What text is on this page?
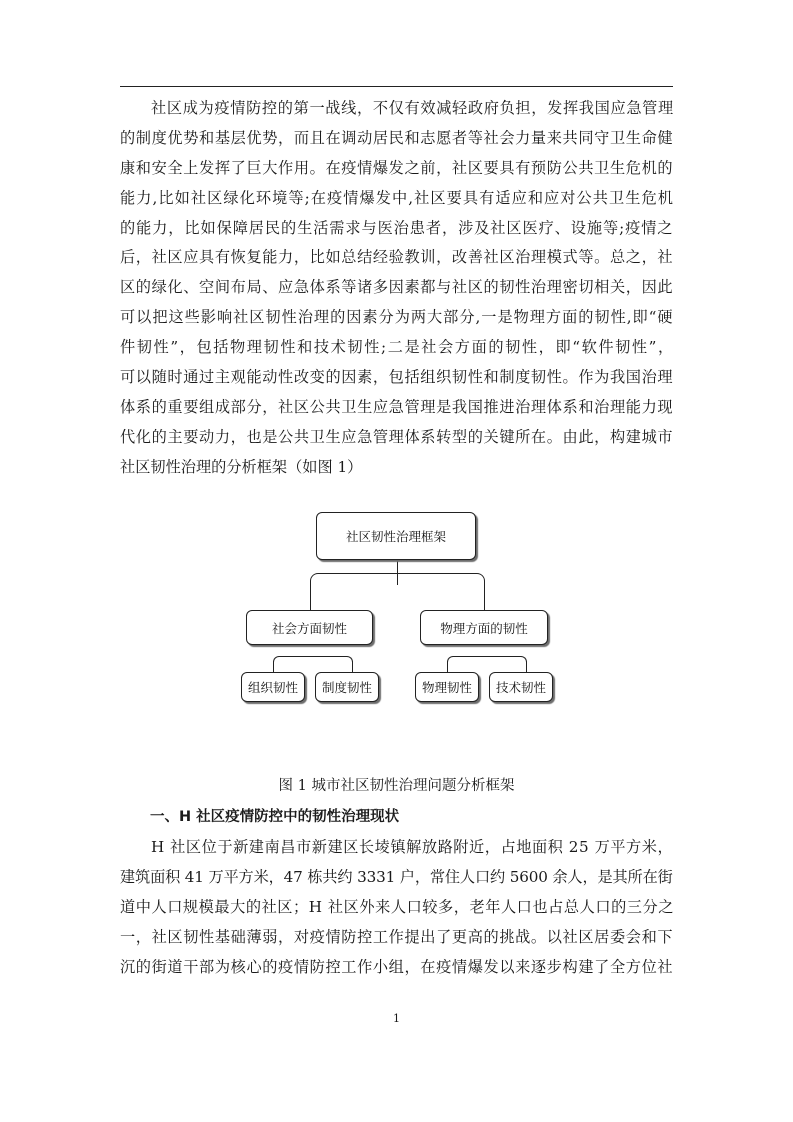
社区成为疫情防控的第一战线，不仅有效减轻政府负担，发挥我国应急管理
的制度优势和基层优势，而且在调动居民和志愿者等社会力量来共同守卫生命健
康和安全上发挥了巨大作用。在疫情爆发之前，社区要具有预防公共卫生危机的
能力,比如社区绿化环境等;在疫情爆发中,社区要具有适应和应对公共卫生危机
的能力，比如保障居民的生活需求与医治患者，涉及社区医疗、设施等;疫情之
后，社区应具有恢复能力，比如总结经验教训，改善社区治理模式等。总之，社
区的绿化、空间布局、应急体系等诸多因素都与社区的韧性治理密切相关，因此
可以把这些影响社区韧性治理的因素分为两大部分,一是物理方面的韧性,即“硬
件韧性”，包括物理韧性和技术韧性;二是社会方面的韧性，即“软件韧性”，
可以随时通过主观能动性改变的因素，包括组织韧性和制度韧性。作为我国治理
体系的重要组成部分，社区公共卫生应急管理是我国推进治理体系和治理能力现
代化的主要动力，也是公共卫生应急管理体系转型的关键所在。由此，构建城市
社区韧性治理的分析框架（如图 1）

社区韧性治理框架
社会方面韧性	物理方面的韧性
组织韧性	制度韧性	物理韧性	技术韧性

图 1 城市社区韧性治理问题分析框架

一、H 社区疫情防控中的韧性治理现状

H 社区位于新建南昌市新建区长堎镇解放路附近，占地面积 25 万平方米，
建筑面积 41 万平方米，47 栋共约 3331 户，常住人口约 5600 余人，是其所在街
道中人口规模最大的社区；H 社区外来人口较多，老年人口也占总人口的三分之
一，社区韧性基础薄弱，对疫情防控工作提出了更高的挑战。以社区居委会和下
沉的街道干部为核心的疫情防控工作小组，在疫情爆发以来逐步构建了全方位社

1
